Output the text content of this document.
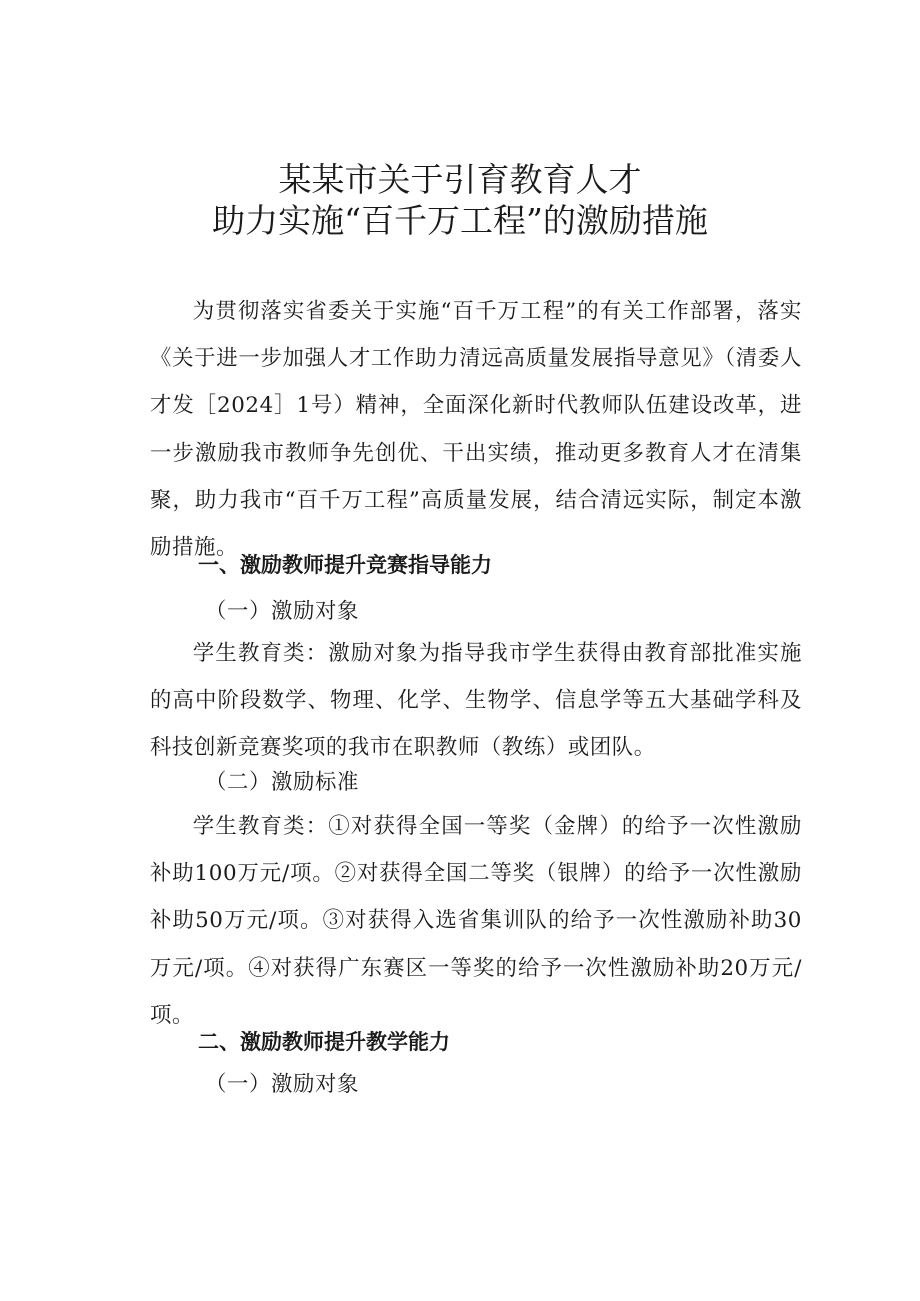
某某市关于引育教育人才
助力实施“百千万工程”的激励措施

为贯彻落实省委关于实施“百千万工程”的有关工作部署，落实《关于进一步加强人才工作助力清远高质量发展指导意见》（清委人才发［2024］1号）精神，全面深化新时代教师队伍建设改革，进一步激励我市教师争先创优、干出实绩，推动更多教育人才在清集聚，助力我市“百千万工程”高质量发展，结合清远实际，制定本激励措施。

一、激励教师提升竞赛指导能力

（一）激励对象

学生教育类：激励对象为指导我市学生获得由教育部批准实施的高中阶段数学、物理、化学、生物学、信息学等五大基础学科及科技创新竞赛奖项的我市在职教师（教练）或团队。

（二）激励标准

学生教育类：①对获得全国一等奖（金牌）的给予一次性激励补助100万元/项。②对获得全国二等奖（银牌）的给予一次性激励补助50万元/项。③对获得入选省集训队的给予一次性激励补助30万元/项。④对获得广东赛区一等奖的给予一次性激励补助20万元/项。

二、激励教师提升教学能力

（一）激励对象
